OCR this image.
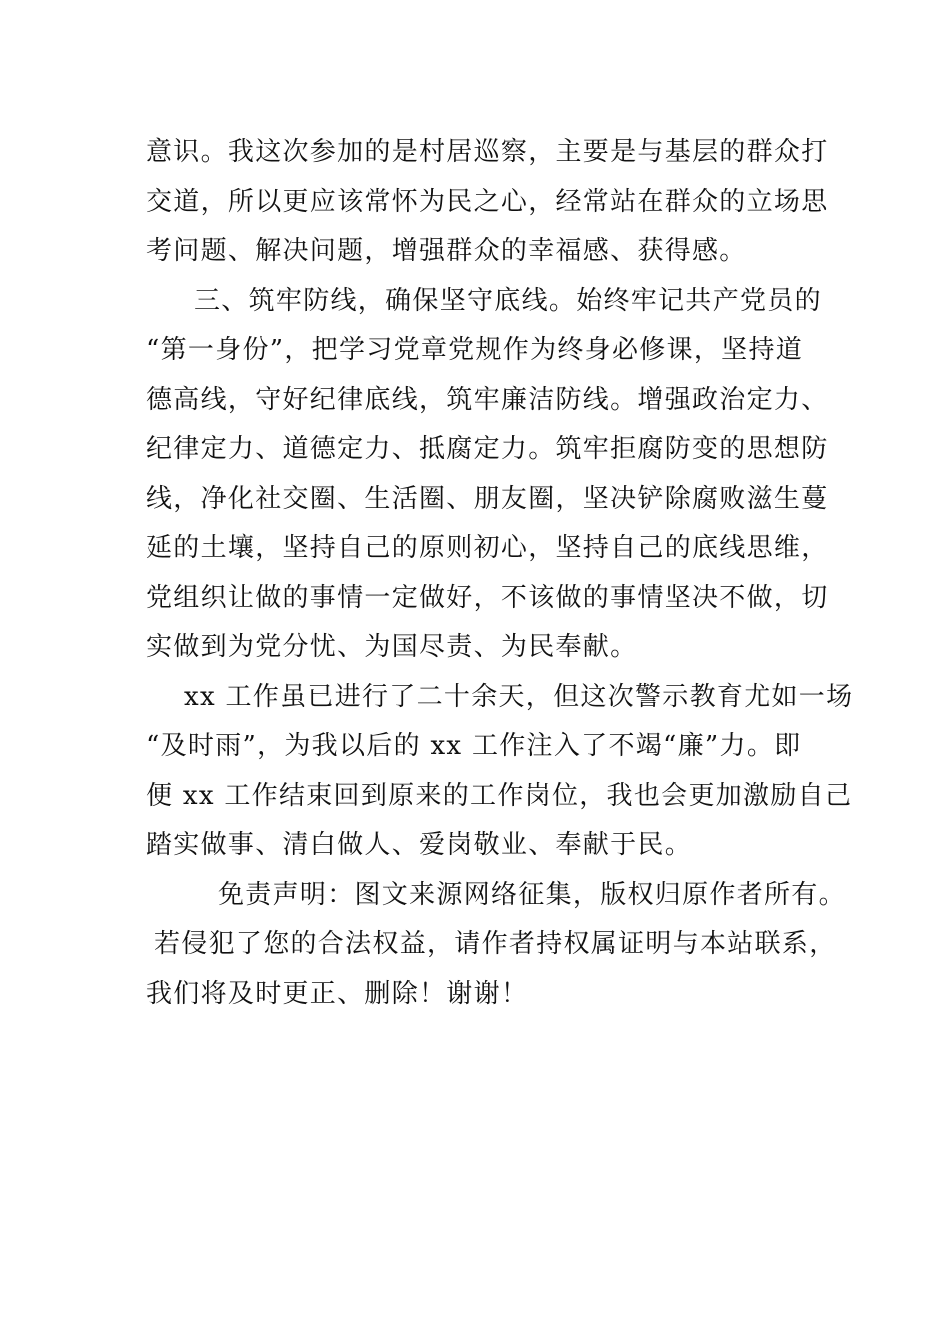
意识。我这次参加的是村居巡察，主要是与基层的群众打
交道，所以更应该常怀为民之心，经常站在群众的立场思
考问题、解决问题，增强群众的幸福感、获得感。
三、筑牢防线，确保坚守底线。始终牢记共产党员的
“第一身份”，把学习党章党规作为终身必修课，坚持道
德高线，守好纪律底线，筑牢廉洁防线。增强政治定力、
纪律定力、道德定力、抵腐定力。筑牢拒腐防变的思想防
线，净化社交圈、生活圈、朋友圈，坚决铲除腐败滋生蔓
延的土壤，坚持自己的原则初心，坚持自己的底线思维，
党组织让做的事情一定做好，不该做的事情坚决不做，切
实做到为党分忧、为国尽责、为民奉献。
xx 工作虽已进行了二十余天，但这次警示教育尤如一场
“及时雨”，为我以后的 xx 工作注入了不竭“廉”力。即
便 xx 工作结束回到原来的工作岗位，我也会更加激励自己
踏实做事、清白做人、爱岗敬业、奉献于民。
免责声明：图文来源网络征集，版权归原作者所有。
若侵犯了您的合法权益，请作者持权属证明与本站联系，
我们将及时更正、删除！谢谢！
